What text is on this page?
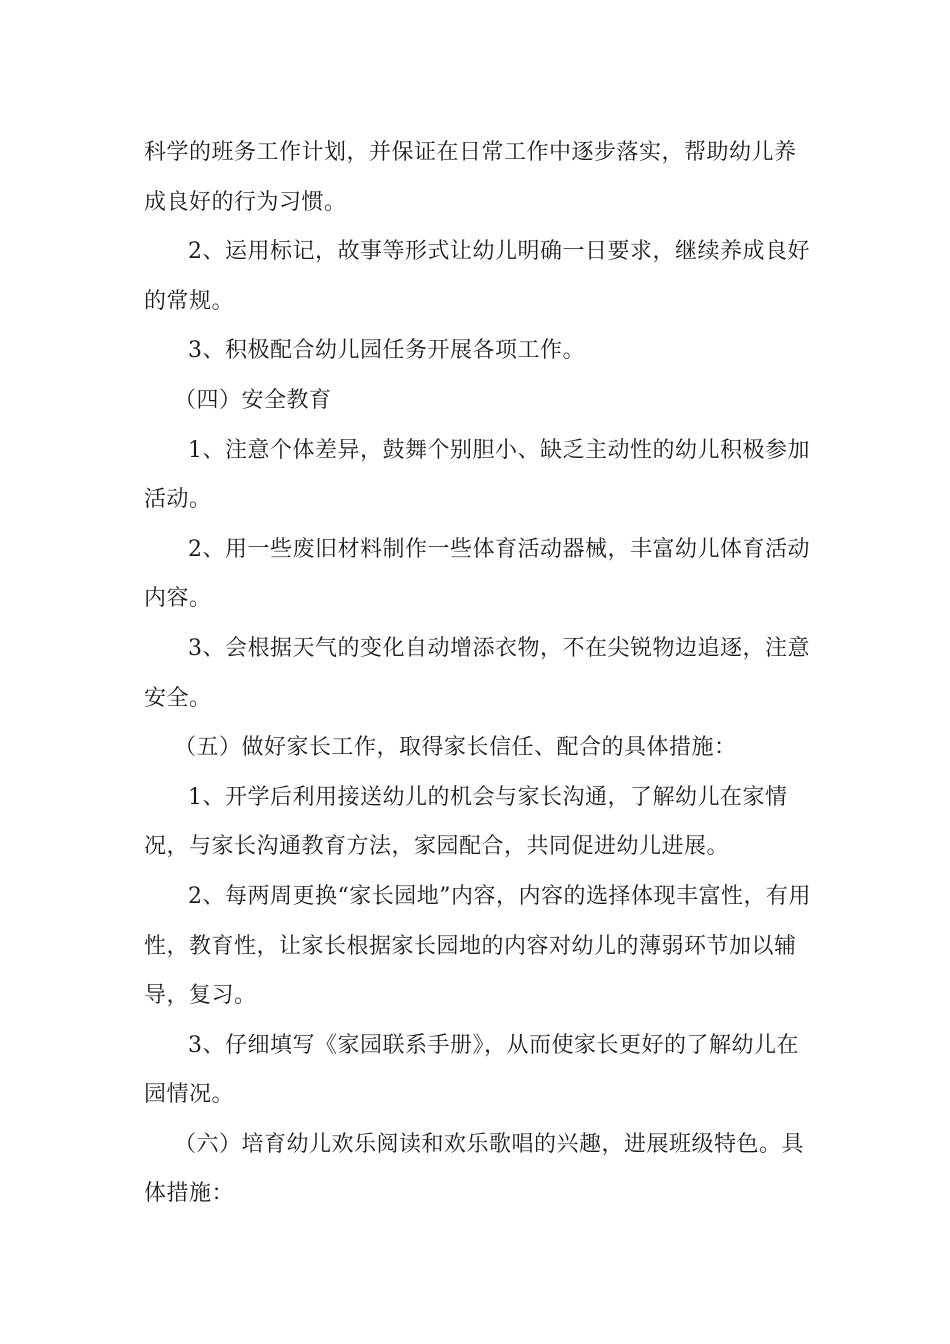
科学的班务工作计划，并保证在日常工作中逐步落实，帮助幼儿养成良好的行为习惯。

2、运用标记，故事等形式让幼儿明确一日要求，继续养成良好的常规。

3、积极配合幼儿园任务开展各项工作。

（四）安全教育

1、注意个体差异，鼓舞个别胆小、缺乏主动性的幼儿积极参加活动。

2、用一些废旧材料制作一些体育活动器械，丰富幼儿体育活动内容。

3、会根据天气的变化自动增添衣物，不在尖锐物边追逐，注意安全。

（五）做好家长工作，取得家长信任、配合的具体措施：

1、开学后利用接送幼儿的机会与家长沟通，了解幼儿在家情况，与家长沟通教育方法，家园配合，共同促进幼儿进展。

2、每两周更换“家长园地”内容，内容的选择体现丰富性，有用性，教育性，让家长根据家长园地的内容对幼儿的薄弱环节加以辅导，复习。

3、仔细填写《家园联系手册》，从而使家长更好的了解幼儿在园情况。

（六）培育幼儿欢乐阅读和欢乐歌唱的兴趣，进展班级特色。具体措施：
